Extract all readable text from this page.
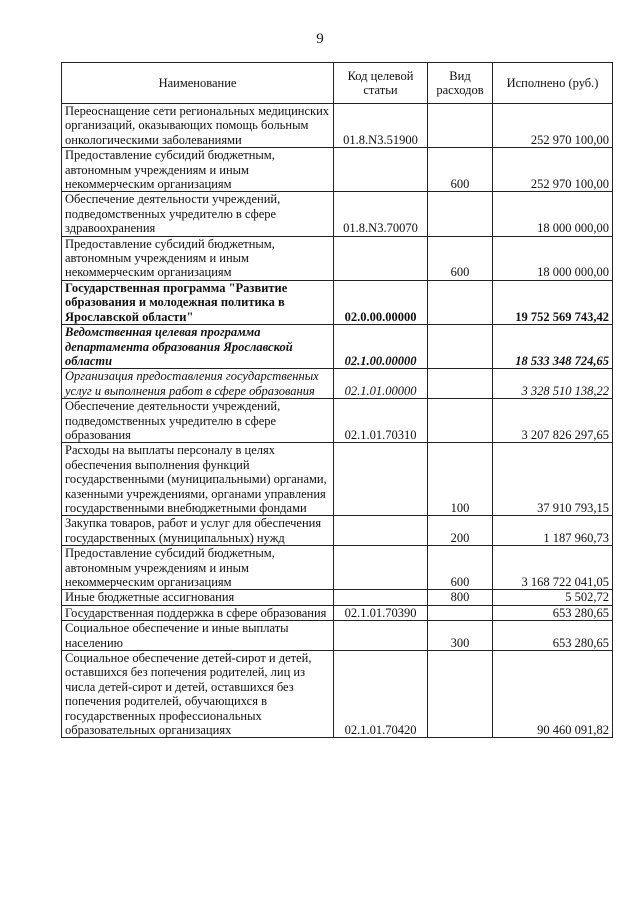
9
Наименование	Код целевой статьи	Вид расходов	Исполнено (руб.)
Переоснащение сети региональных медицинских организаций, оказывающих помощь больным онкологическими заболеваниями	01.8.N3.51900		252 970 100,00
Предоставление субсидий бюджетным, автономным учреждениям и иным некоммерческим организациям		600	252 970 100,00
Обеспечение деятельности учреждений, подведомственных учредителю в сфере здравоохранения	01.8.N3.70070		18 000 000,00
Предоставление субсидий бюджетным, автономным учреждениям и иным некоммерческим организациям		600	18 000 000,00
Государственная программа "Развитие образования и молодежная политика в Ярославской области"	02.0.00.00000		19 752 569 743,42
Ведомственная целевая программа департамента образования Ярославской области	02.1.00.00000		18 533 348 724,65
Организация предоставления государственных услуг и выполнения работ в сфере образования	02.1.01.00000		3 328 510 138,22
Обеспечение деятельности учреждений, подведомственных учредителю в сфере образования	02.1.01.70310		3 207 826 297,65
Расходы на выплаты персоналу в целях обеспечения выполнения функций государственными (муниципальными) органами, казенными учреждениями, органами управления государственными внебюджетными фондами		100	37 910 793,15
Закупка товаров, работ и услуг для обеспечения государственных (муниципальных) нужд		200	1 187 960,73
Предоставление субсидий бюджетным, автономным учреждениям и иным некоммерческим организациям		600	3 168 722 041,05
Иные бюджетные ассигнования		800	5 502,72
Государственная поддержка в сфере образования	02.1.01.70390		653 280,65
Социальное обеспечение и иные выплаты населению		300	653 280,65
Социальное обеспечение детей-сирот и детей, оставшихся без попечения родителей, лиц из числа детей-сирот и детей, оставшихся без попечения родителей, обучающихся в государственных профессиональных образовательных организациях	02.1.01.70420		90 460 091,82
